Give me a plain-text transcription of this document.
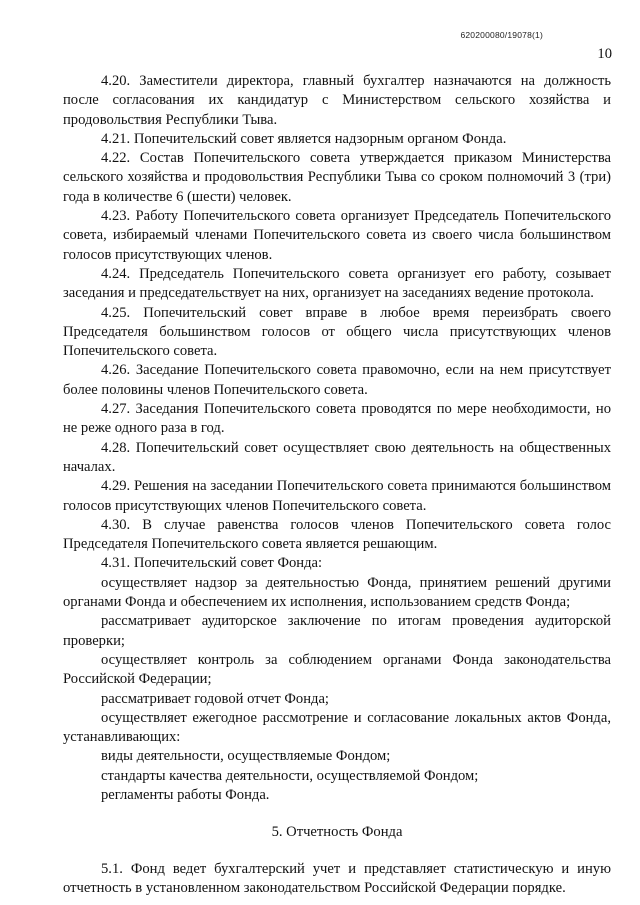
620200080/19078(1)
10

4.20. Заместители директора, главный бухгалтер назначаются на должность после согласования их кандидатур с Министерством сельского хозяйства и продовольствия Республики Тыва.

4.21. Попечительский совет является надзорным органом Фонда.

4.22. Состав Попечительского совета утверждается приказом Министерства сельского хозяйства и продовольствия Республики Тыва со сроком полномочий 3 (три) года в количестве 6 (шести) человек.

4.23. Работу Попечительского совета организует Председатель Попечительского совета, избираемый членами Попечительского совета из своего числа большинством голосов присутствующих членов.

4.24. Председатель Попечительского совета организует его работу, созывает заседания и председательствует на них, организует на заседаниях ведение протокола.

4.25. Попечительский совет вправе в любое время переизбрать своего Председателя большинством голосов от общего числа присутствующих членов Попечительского совета.

4.26. Заседание Попечительского совета правомочно, если на нем присутствует более половины членов Попечительского совета.

4.27. Заседания Попечительского совета проводятся по мере необходимости, но не реже одного раза в год.

4.28. Попечительский совет осуществляет свою деятельность на общественных началах.

4.29. Решения на заседании Попечительского совета принимаются большинством голосов присутствующих членов Попечительского совета.

4.30. В случае равенства голосов членов Попечительского совета голос Председателя Попечительского совета является решающим.

4.31. Попечительский совет Фонда:

осуществляет надзор за деятельностью Фонда, принятием решений другими органами Фонда и обеспечением их исполнения, использованием средств Фонда;

рассматривает аудиторское заключение по итогам проведения аудиторской проверки;

осуществляет контроль за соблюдением органами Фонда законодательства Российской Федерации;

рассматривает годовой отчет Фонда;

осуществляет ежегодное рассмотрение и согласование локальных актов Фонда, устанавливающих:

виды деятельности, осуществляемые Фондом;

стандарты качества деятельности, осуществляемой Фондом;

регламенты работы Фонда.

5. Отчетность Фонда

5.1. Фонд ведет бухгалтерский учет и представляет статистическую и иную отчетность в установленном законодательством Российской Федерации порядке.
